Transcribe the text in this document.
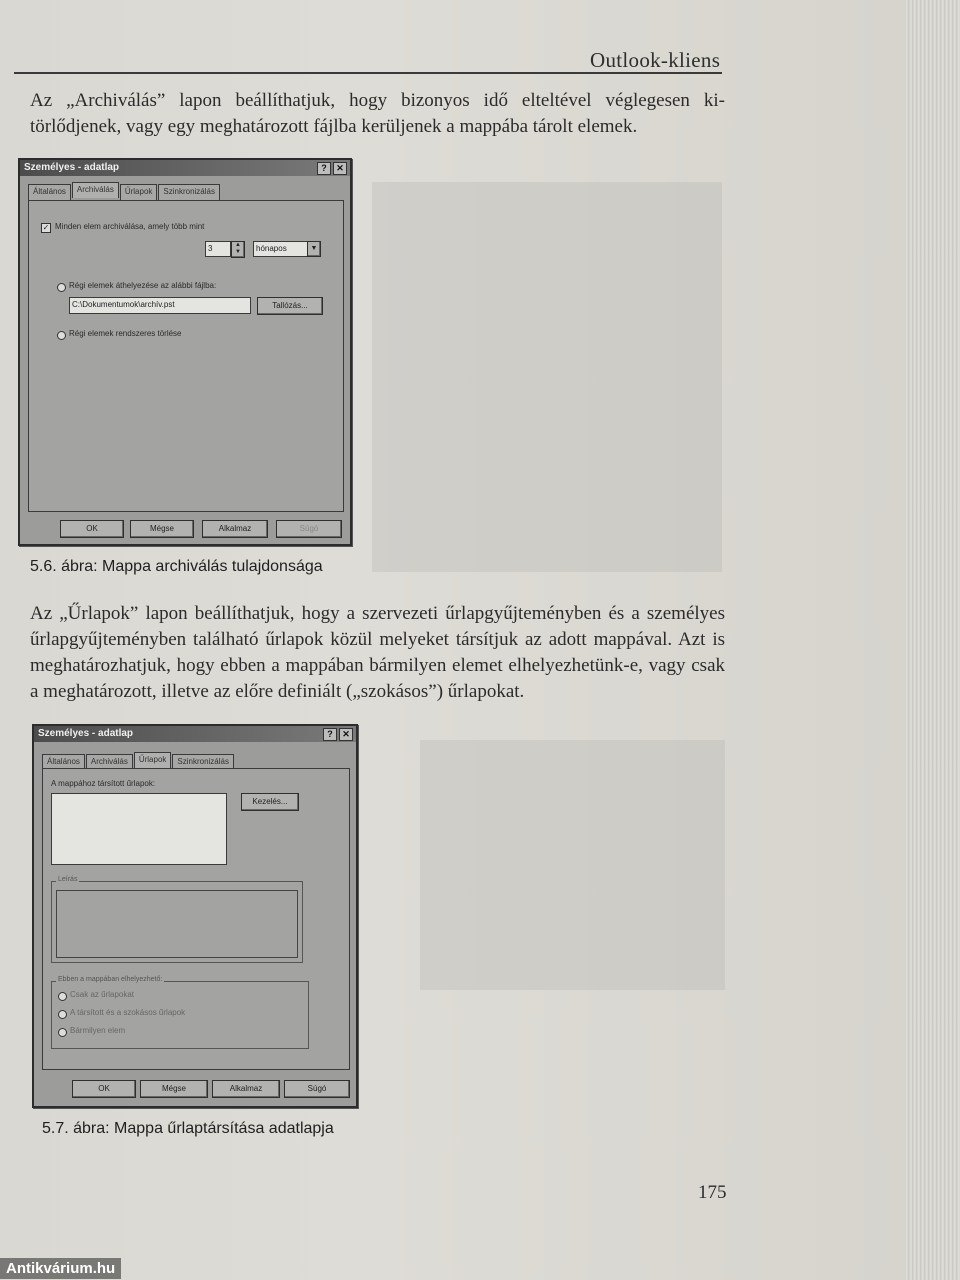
Outlook-kliens

Az „Archiválás” lapon beállíthatjuk, hogy bizonyos idő elteltével véglegesen ki-törlődjenek, vagy egy meghatározott fájlba kerüljenek a mappába tárolt elemek.

Személyes - adatlap	?	✕
Általános	Archiválás	Űrlapok	Szinkronizálás
✓ Minden elem archiválása, amely több mint
3	▲
▼	hónapos	▼
Régi elemek áthelyezése az alábbi fájlba:
C:\Dokumentumok\archív.pst	Tallózás...
Régi elemek rendszeres törlése
OK	Mégse	Alkalmaz	Súgó
5.6. ábra: Mappa archiválás tulajdonsága

Az „Űrlapok” lapon beállíthatjuk, hogy a szervezeti űrlapgyűjteményben és a személyes űrlapgyűjteményben található űrlapok közül melyeket társítjuk az adott mappával. Azt is meghatározhatjuk, hogy ebben a mappában bármilyen elemet elhelyezhetünk-e, vagy csak a meghatározott, illetve az előre definiált („szokásos”) űrlapokat.

Személyes - adatlap	?	✕
Általános	Archiválás	Űrlapok	Szinkronizálás
A mappához társított űrlapok:
Kezelés...
Leírás
Ebben a mappában elhelyezhető:
Csak az űrlapokat
A társított és a szokásos űrlapok
Bármilyen elem
OK	Mégse	Alkalmaz	Súgó
5.7. ábra: Mappa űrlaptársítása adatlapja
175
Antikvárium.hu
